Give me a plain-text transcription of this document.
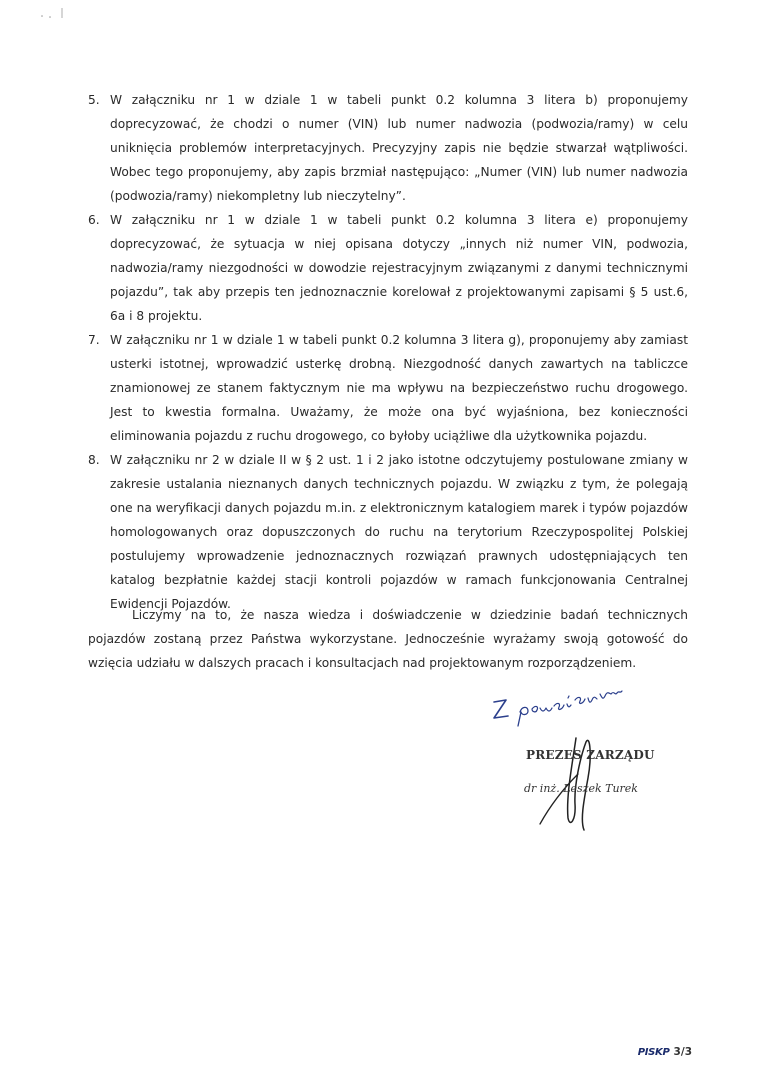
5. W załączniku nr 1 w dziale 1 w tabeli punkt 0.2 kolumna 3 litera b) proponujemy doprecyzować, że chodzi o numer (VIN) lub numer nadwozia (podwozia/ramy) w celu uniknięcia problemów interpretacyjnych. Precyzyjny zapis nie będzie stwarzał wątpliwości. Wobec tego proponujemy, aby zapis brzmiał następująco: „Numer (VIN) lub numer nadwozia (podwozia/ramy) niekompletny lub nieczytelny”.
6. W załączniku nr 1 w dziale 1 w tabeli punkt 0.2 kolumna 3 litera e) proponujemy doprecyzować, że sytuacja w niej opisana dotyczy „innych niż numer VIN, podwozia, nadwozia/ramy niezgodności w dowodzie rejestracyjnym związanymi z danymi technicznymi pojazdu”, tak aby przepis ten jednoznacznie korelował z projektowanymi zapisami § 5 ust.6, 6a i 8 projektu.
7. W załączniku nr 1 w dziale 1 w tabeli punkt 0.2 kolumna 3 litera g), proponujemy aby zamiast usterki istotnej, wprowadzić usterkę drobną. Niezgodność danych zawartych na tabliczce znamionowej ze stanem faktycznym nie ma wpływu na bezpieczeństwo ruchu drogowego. Jest to kwestia formalna. Uważamy, że może ona być wyjaśniona, bez konieczności eliminowania pojazdu z ruchu drogowego, co byłoby uciążliwe dla użytkownika pojazdu.
8. W załączniku nr 2 w dziale II w § 2 ust. 1 i 2 jako istotne odczytujemy postulowane zmiany w zakresie ustalania nieznanych danych technicznych pojazdu. W związku z tym, że polegają one na weryfikacji danych pojazdu m.in. z elektronicznym katalogiem marek i typów pojazdów homologowanych oraz dopuszczonych do ruchu na terytorium Rzeczypospolitej Polskiej postulujemy wprowadzenie jednoznacznych rozwiązań prawnych udostępniających ten katalog bezpłatnie każdej stacji kontroli pojazdów w ramach funkcjonowania Centralnej Ewidencji Pojazdów.

Liczymy na to, że nasza wiedza i doświadczenie w dziedzinie badań technicznych pojazdów zostaną przez Państwa wykorzystane. Jednocześnie wyrażamy swoją gotowość do wzięcia udziału w dalszych pracach i konsultacjach nad projektowanym rozporządzeniem.

PREZES ZARZĄDU
dr inż. Leszek Turek
PISKP 3/3
